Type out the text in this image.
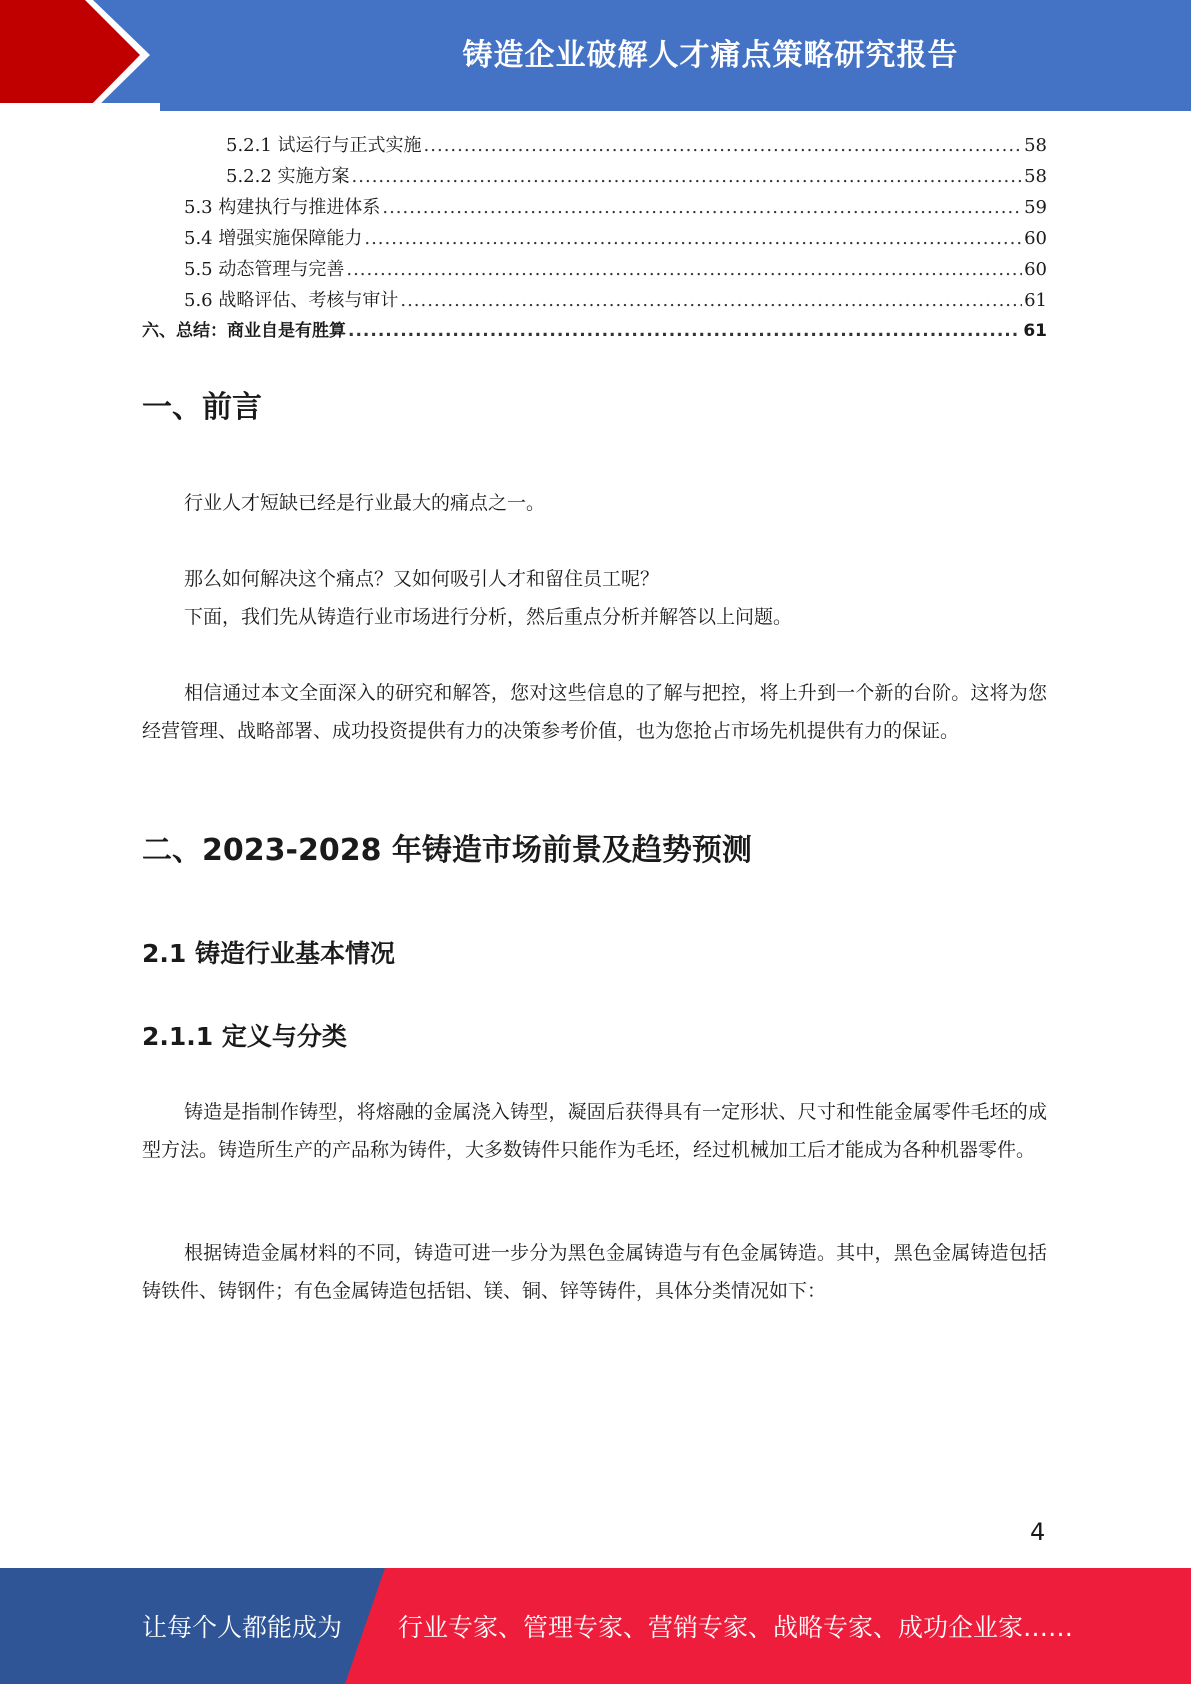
铸造企业破解人才痛点策略研究报告
5.2.1 试运行与正式实施 .....	58
5.2.2 实施方案 .....	58
5.3 构建执行与推进体系 .....	59
5.4 增强实施保障能力 .....	60
5.5 动态管理与完善 .....	60
5.6 战略评估、考核与审计 .....	61
六、总结：商业自是有胜算 .....	61
一、前言

行业人才短缺已经是行业最大的痛点之一。

那么如何解决这个痛点？又如何吸引人才和留住员工呢？

下面，我们先从铸造行业市场进行分析，然后重点分析并解答以上问题。

相信通过本文全面深入的研究和解答，您对这些信息的了解与把控，将上升到一个新的台阶。这将为您经营管理、战略部署、成功投资提供有力的决策参考价值，也为您抢占市场先机提供有力的保证。

二、2023-2028 年铸造市场前景及趋势预测
2.1 铸造行业基本情况
2.1.1 定义与分类

铸造是指制作铸型，将熔融的金属浇入铸型，凝固后获得具有一定形状、尺寸和性能金属零件毛坯的成型方法。铸造所生产的产品称为铸件，大多数铸件只能作为毛坯，经过机械加工后才能成为各种机器零件。

根据铸造金属材料的不同，铸造可进一步分为黑色金属铸造与有色金属铸造。其中，黑色金属铸造包括铸铁件、铸钢件；有色金属铸造包括铝、镁、铜、锌等铸件，具体分类情况如下：

4
让每个人都能成为 行业专家、管理专家、营销专家、战略专家、成功企业家……
